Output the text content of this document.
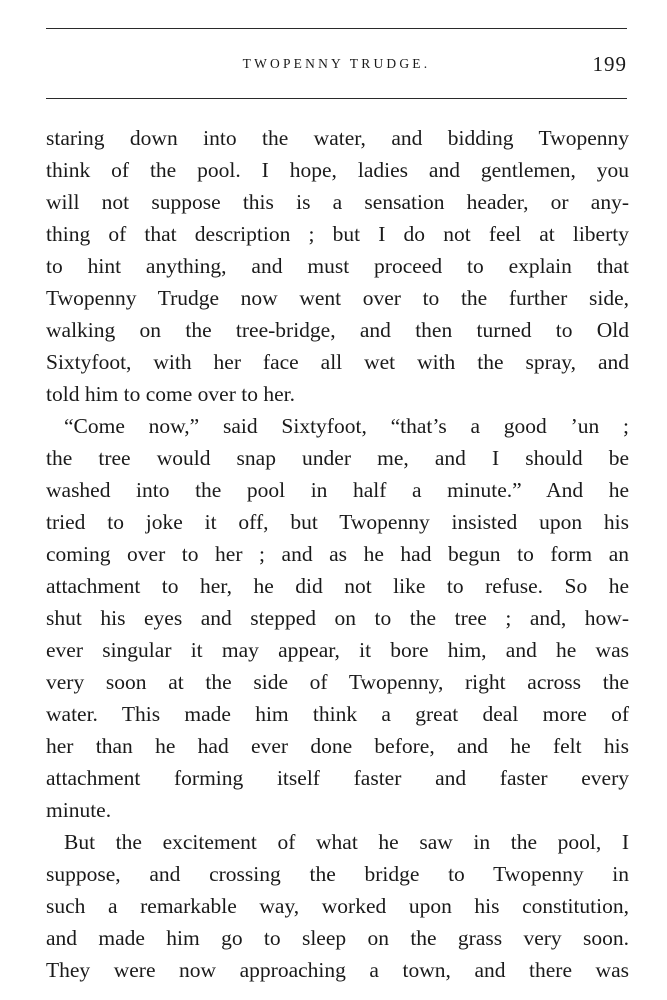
TWOPENNY TRUDGE.	199
staring down into the water, and bidding Twopenny
think of the pool. I hope, ladies and gentlemen, you
will not suppose this is a sensation header, or any-
thing of that description ; but I do not feel at liberty
to hint anything, and must proceed to explain that
Twopenny Trudge now went over to the further side,
walking on the tree-bridge, and then turned to Old
Sixtyfoot, with her face all wet with the spray, and
told him to come over to her.
“Come now,” said Sixtyfoot, “that’s a good ’un ;
the tree would snap under me, and I should be
washed into the pool in half a minute.” And he
tried to joke it off, but Twopenny insisted upon his
coming over to her ; and as he had begun to form an
attachment to her, he did not like to refuse. So he
shut his eyes and stepped on to the tree ; and, how-
ever singular it may appear, it bore him, and he was
very soon at the side of Twopenny, right across the
water. This made him think a great deal more of
her than he had ever done before, and he felt his
attachment forming itself faster and faster every
minute.
But the excitement of what he saw in the pool, I
suppose, and crossing the bridge to Twopenny in
such a remarkable way, worked upon his constitution,
and made him go to sleep on the grass very soon.
They were now approaching a town, and there was
